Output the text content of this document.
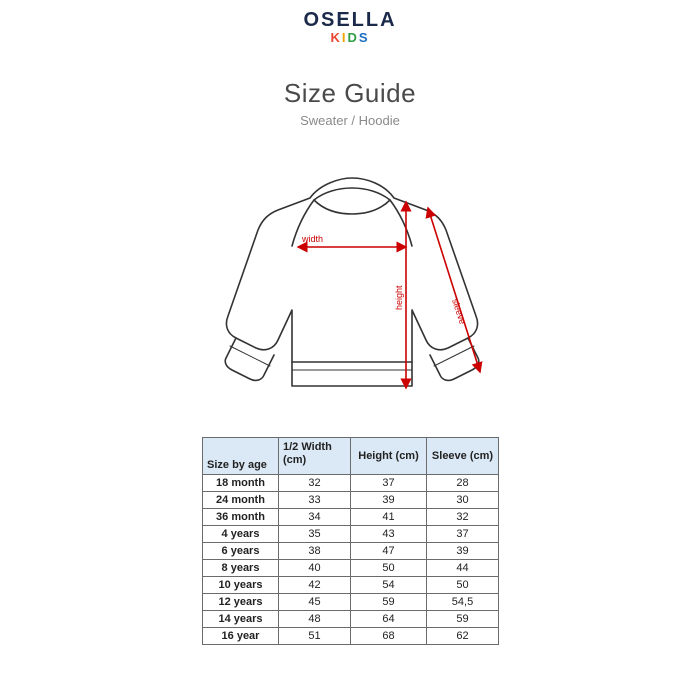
OSELLA
KIDS
Size Guide
Sweater / Hoodie
width
height	sleeve
Size by age	1/2 Width (cm)	Height (cm)	Sleeve (cm)
18 month	32	37	28
24 month	33	39	30
36 month	34	41	32
4 years	35	43	37
6 years	38	47	39
8 years	40	50	44
10 years	42	54	50
12 years	45	59	54,5
14 years	48	64	59
16 year	51	68	62
